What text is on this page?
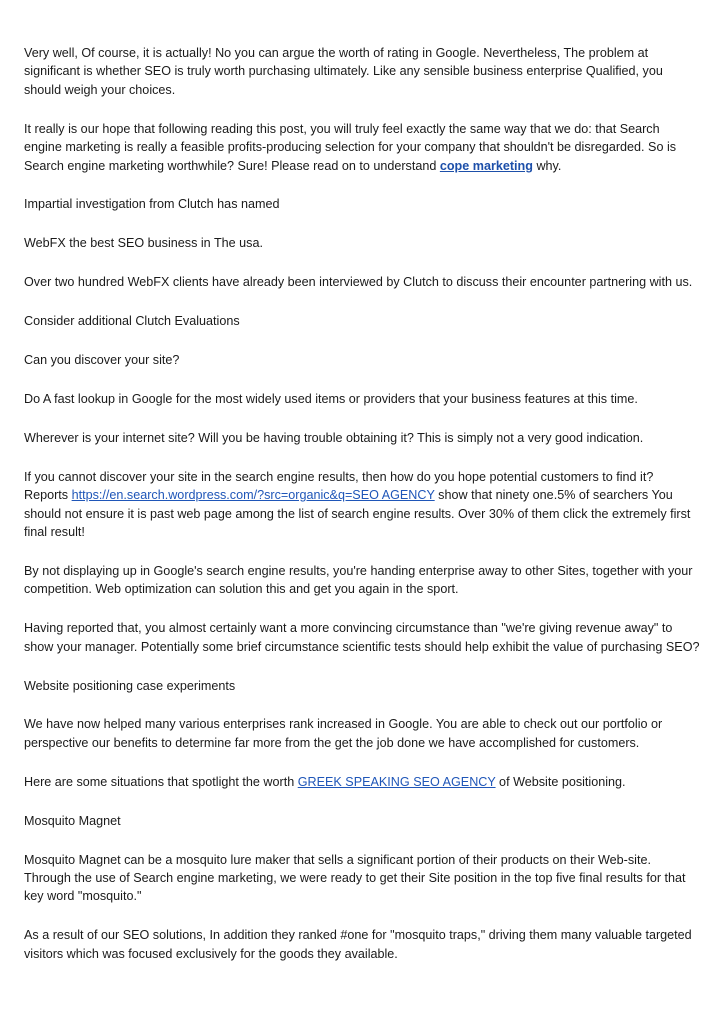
Very well, Of course, it is actually! No you can argue the worth of rating in Google. Nevertheless, The problem at significant is whether SEO is truly worth purchasing ultimately. Like any sensible business enterprise Qualified, you should weigh your choices.

It really is our hope that following reading this post, you will truly feel exactly the same way that we do: that Search engine marketing is really a feasible profits-producing selection for your company that shouldn't be disregarded. So is Search engine marketing worthwhile? Sure! Please read on to understand cope marketing why.

Impartial investigation from Clutch has named

WebFX the best SEO business in The usa.

Over two hundred WebFX clients have already been interviewed by Clutch to discuss their encounter partnering with us.

Consider additional Clutch Evaluations

Can you discover your site?

Do A fast lookup in Google for the most widely used items or providers that your business features at this time.

Wherever is your internet site? Will you be having trouble obtaining it? This is simply not a very good indication.

If you cannot discover your site in the search engine results, then how do you hope potential customers to find it? Reports https://en.search.wordpress.com/?src=organic&q=SEO AGENCY show that ninety one.5% of searchers You should not ensure it is past web page among the list of search engine results. Over 30% of them click the extremely first final result!

By not displaying up in Google's search engine results, you're handing enterprise away to other Sites, together with your competition. Web optimization can solution this and get you again in the sport.

Having reported that, you almost certainly want a more convincing circumstance than "we're giving revenue away" to show your manager. Potentially some brief circumstance scientific tests should help exhibit the value of purchasing SEO?

Website positioning case experiments

We have now helped many various enterprises rank increased in Google. You are able to check out our portfolio or perspective our benefits to determine far more from the get the job done we have accomplished for customers.

Here are some situations that spotlight the worth GREEK SPEAKING SEO AGENCY of Website positioning.

Mosquito Magnet

Mosquito Magnet can be a mosquito lure maker that sells a significant portion of their products on their Web-site. Through the use of Search engine marketing, we were ready to get their Site position in the top five final results for that key word "mosquito."

As a result of our SEO solutions, In addition they ranked #one for "mosquito traps," driving them many valuable targeted visitors which was focused exclusively for the goods they available.
